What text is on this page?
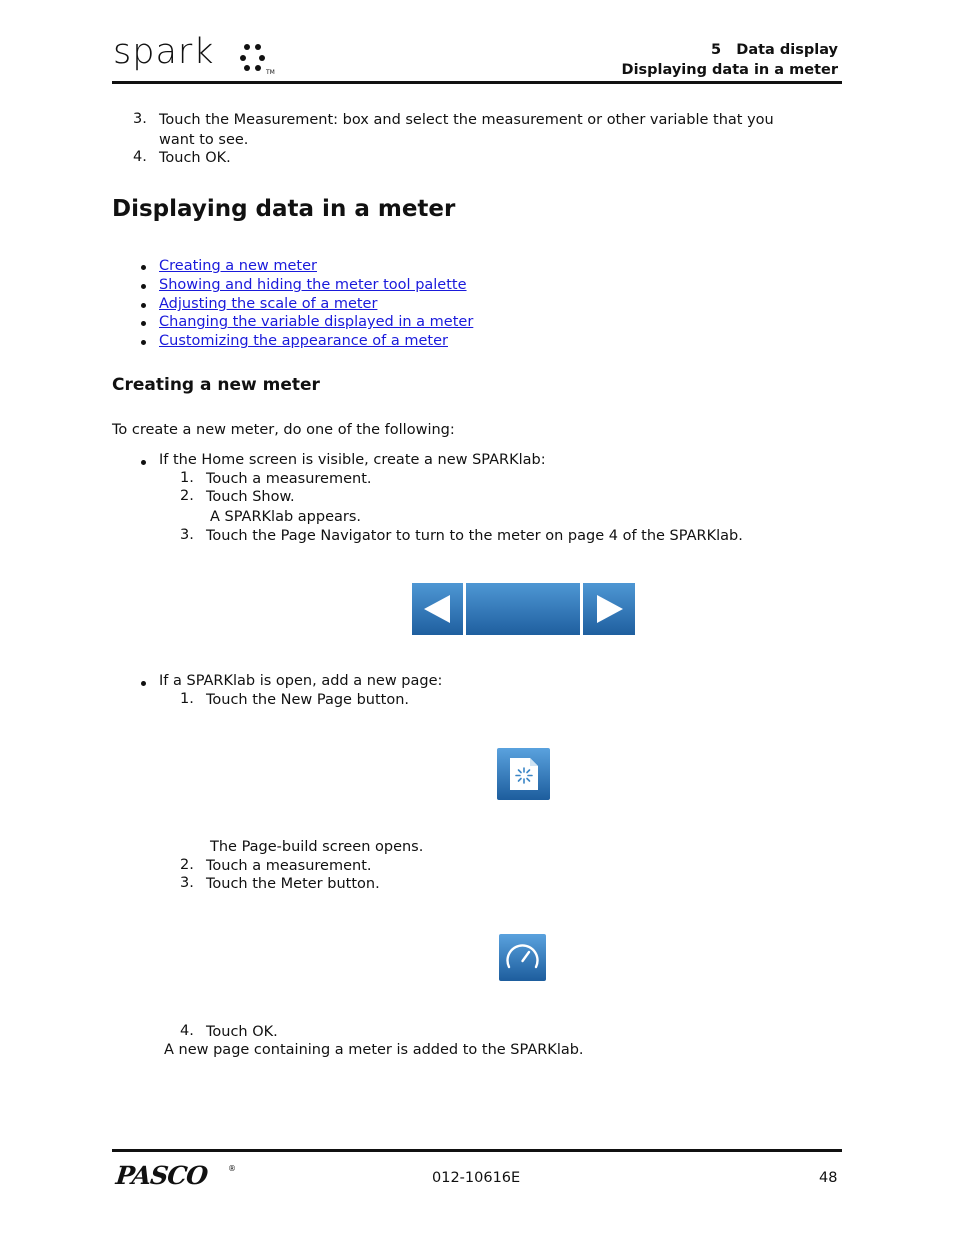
spark
TM
5   Data display
Displaying data in a meter
3. Touch the Measurement: box and select the measurement or other variable that you
want to see.
4. Touch OK.
Displaying data in a meter
Creating a new meter
Showing and hiding the meter tool palette
Adjusting the scale of a meter
Changing the variable displayed in a meter
Customizing the appearance of a meter
Creating a new meter
To create a new meter, do one of the following:
If the Home screen is visible, create a new SPARKlab:
1. Touch a measurement.
2. Touch Show.
A SPARKlab appears.
3. Touch the Page Navigator to turn to the meter on page 4 of the SPARKlab.
If a SPARKlab is open, add a new page:
1. Touch the New Page button.
The Page-build screen opens.
2. Touch a measurement.
3. Touch the Meter button.
4. Touch OK.
A new page containing a meter is added to the SPARKlab.
PASCO ®
012-10616E	48
